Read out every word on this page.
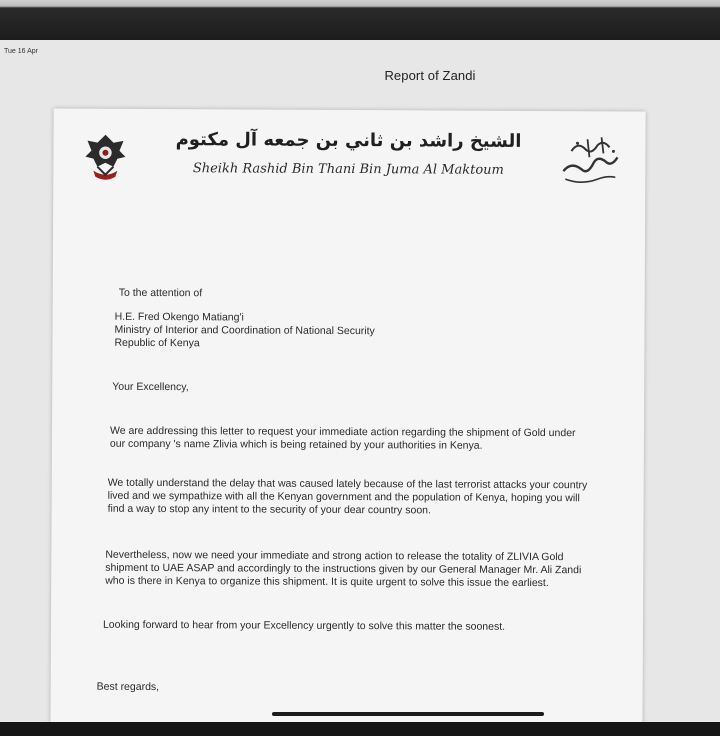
Tue 16 Apr
Report of Zandi
الشيخ راشد بن ثاني بن جمعه آل مكتوم
Sheikh Rashid Bin Thani Bin Juma Al Maktoum
To the attention of
H.E. Fred Okengo Matiang'i
Ministry of Interior and Coordination of National Security
Republic of Kenya
Your Excellency,
We are addressing this letter to request your immediate action regarding the shipment of Gold under our company 's name Zlivia which is being retained by your authorities in Kenya.
We totally understand the delay that was caused lately because of the last terrorist attacks your country lived and we sympathize with all the Kenyan government and the population of Kenya, hoping you will find a way to stop any intent to the security of your dear country soon.
Nevertheless, now we need your immediate and strong action to release the totality of ZLIVIA Gold shipment to UAE ASAP and accordingly to the instructions given by our General Manager Mr. Ali Zandi who is there in Kenya to organize this shipment. It is quite urgent to solve this issue the earliest.
Looking forward to hear from your Excellency urgently to solve this matter the soonest.
Best regards,
